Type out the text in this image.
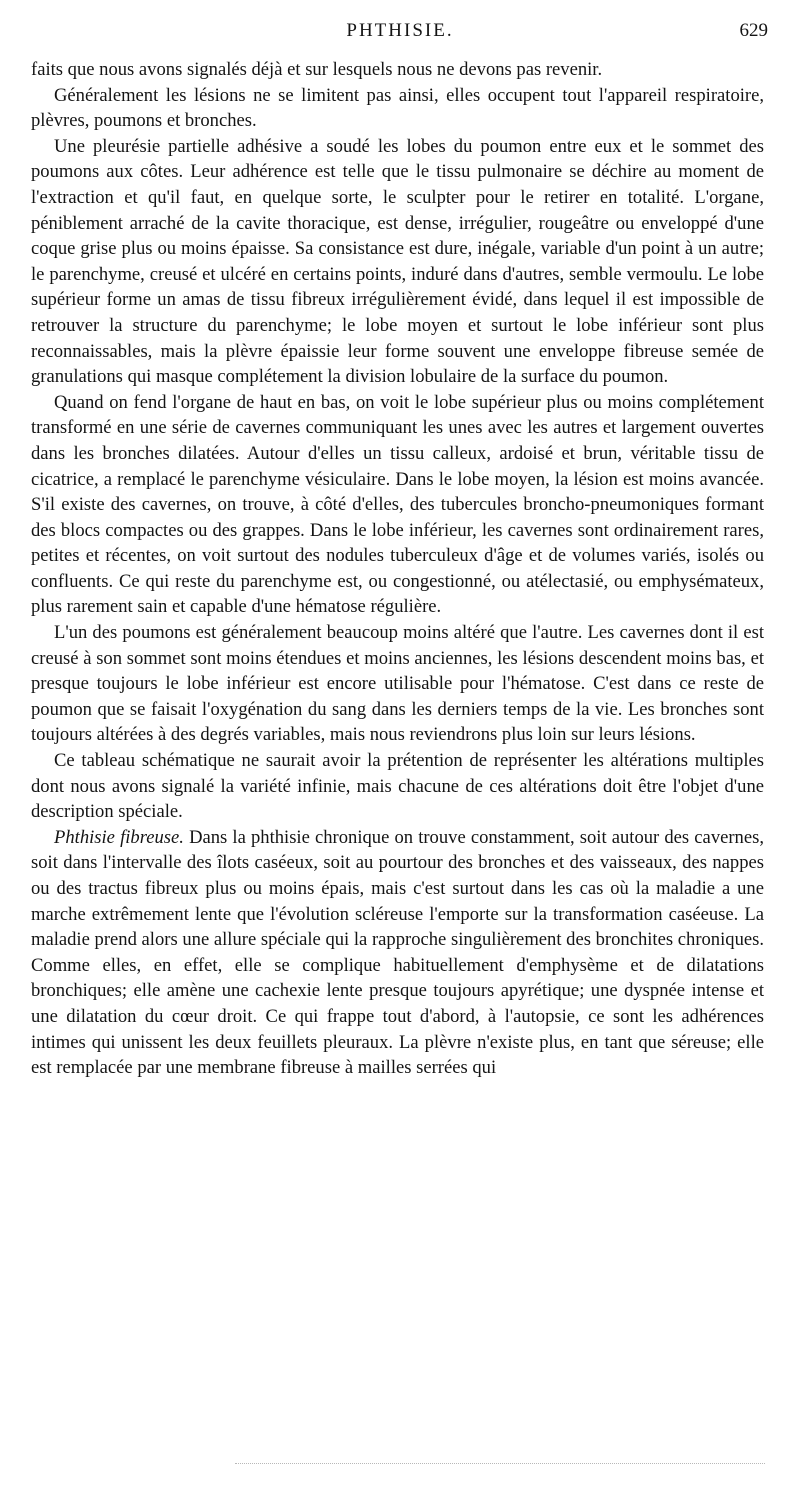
PHTHISIE.	629

faits que nous avons signalés déjà et sur lesquels nous ne devons pas revenir.

Généralement les lésions ne se limitent pas ainsi, elles occupent tout l'appareil respiratoire, plèvres, poumons et bronches.

Une pleurésie partielle adhésive a soudé les lobes du poumon entre eux et le sommet des poumons aux côtes. Leur adhérence est telle que le tissu pulmonaire se déchire au moment de l'extraction et qu'il faut, en quelque sorte, le sculpter pour le retirer en totalité. L'organe, péniblement arraché de la cavite thoracique, est dense, irrégulier, rougeâtre ou enveloppé d'une coque grise plus ou moins épaisse. Sa consistance est dure, inégale, variable d'un point à un autre; le parenchyme, creusé et ulcéré en certains points, induré dans d'autres, semble vermoulu. Le lobe supérieur forme un amas de tissu fibreux irrégulièrement évidé, dans lequel il est impossible de retrouver la structure du parenchyme; le lobe moyen et surtout le lobe inférieur sont plus reconnaissables, mais la plèvre épaissie leur forme souvent une enveloppe fibreuse semée de granulations qui masque complétement la division lobulaire de la surface du poumon.

Quand on fend l'organe de haut en bas, on voit le lobe supérieur plus ou moins complétement transformé en une série de cavernes communiquant les unes avec les autres et largement ouvertes dans les bronches dilatées. Autour d'elles un tissu calleux, ardoisé et brun, véritable tissu de cicatrice, a remplacé le parenchyme vésiculaire. Dans le lobe moyen, la lésion est moins avancée. S'il existe des cavernes, on trouve, à côté d'elles, des tubercules broncho-pneumoniques formant des blocs compactes ou des grappes. Dans le lobe inférieur, les cavernes sont ordinairement rares, petites et récentes, on voit surtout des nodules tuberculeux d'âge et de volumes variés, isolés ou confluents. Ce qui reste du parenchyme est, ou congestionné, ou atélectasié, ou emphysémateux, plus rarement sain et capable d'une hématose régulière.

L'un des poumons est généralement beaucoup moins altéré que l'autre. Les cavernes dont il est creusé à son sommet sont moins étendues et moins anciennes, les lésions descendent moins bas, et presque toujours le lobe inférieur est encore utilisable pour l'hématose. C'est dans ce reste de poumon que se faisait l'oxygénation du sang dans les derniers temps de la vie. Les bronches sont toujours altérées à des degrés variables, mais nous reviendrons plus loin sur leurs lésions.

Ce tableau schématique ne saurait avoir la prétention de représenter les altérations multiples dont nous avons signalé la variété infinie, mais chacune de ces altérations doit être l'objet d'une description spéciale.

Phthisie fibreuse. Dans la phthisie chronique on trouve constamment, soit autour des cavernes, soit dans l'intervalle des îlots caséeux, soit au pourtour des bronches et des vaisseaux, des nappes ou des tractus fibreux plus ou moins épais, mais c'est surtout dans les cas où la maladie a une marche extrêmement lente que l'évolution scléreuse l'emporte sur la transformation caséeuse. La maladie prend alors une allure spéciale qui la rapproche singulièrement des bronchites chroniques. Comme elles, en effet, elle se complique habituellement d'emphysème et de dilatations bronchiques; elle amène une cachexie lente presque toujours apyrétique; une dyspnée intense et une dilatation du cœur droit. Ce qui frappe tout d'abord, à l'autopsie, ce sont les adhérences intimes qui unissent les deux feuillets pleuraux. La plèvre n'existe plus, en tant que séreuse; elle est remplacée par une membrane fibreuse à mailles serrées qui
